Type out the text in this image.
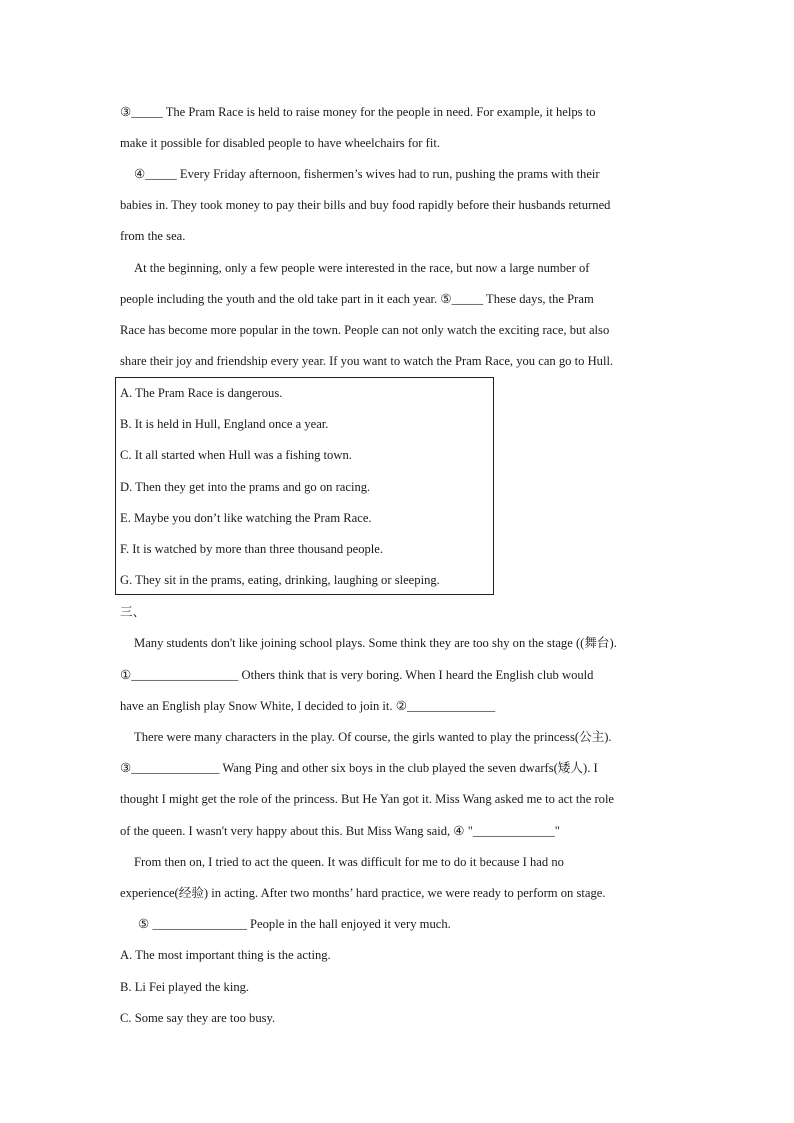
③_____ The Pram Race is held to raise money for the people in need. For example, it helps to
make it possible for disabled people to have wheelchairs for fit.
④_____ Every Friday afternoon, fishermen’s wives had to run, pushing the prams with their
babies in. They took money to pay their bills and buy food rapidly before their husbands returned
from the sea.
At the beginning, only a few people were interested in the race, but now a large number of
people including the youth and the old take part in it each year. ⑤_____ These days, the Pram
Race has become more popular in the town. People can not only watch the exciting race, but also
share their joy and friendship every year. If you want to watch the Pram Race, you can go to Hull.
A. The Pram Race is dangerous.
B. It is held in Hull, England once a year.
C. It all started when Hull was a fishing town.
D. Then they get into the prams and go on racing.
E. Maybe you don’t like watching the Pram Race.
F. It is watched by more than three thousand people.
G. They sit in the prams, eating, drinking, laughing or sleeping.
三、
Many students don't like joining school plays. Some think they are too shy on the stage ((舞台).
①_________________ Others think that is very boring. When I heard the English club would
have an English play Snow White, I decided to join it. ②______________
There were many characters in the play. Of course, the girls wanted to play the princess(公主).
③______________ Wang Ping and other six boys in the club played the seven dwarfs(矮人). I
thought I might get the role of the princess. But He Yan got it. Miss Wang asked me to act the role
of the queen. I wasn't very happy about this. But Miss Wang said, ④ "_____________"
From then on, I tried to act the queen. It was difficult for me to do it because I had no
experience(经验) in acting. After two months’ hard practice, we were ready to perform on stage.
⑤ _______________ People in the hall enjoyed it very much.
A. The most important thing is the acting.
B. Li Fei played the king.
C. Some say they are too busy.
